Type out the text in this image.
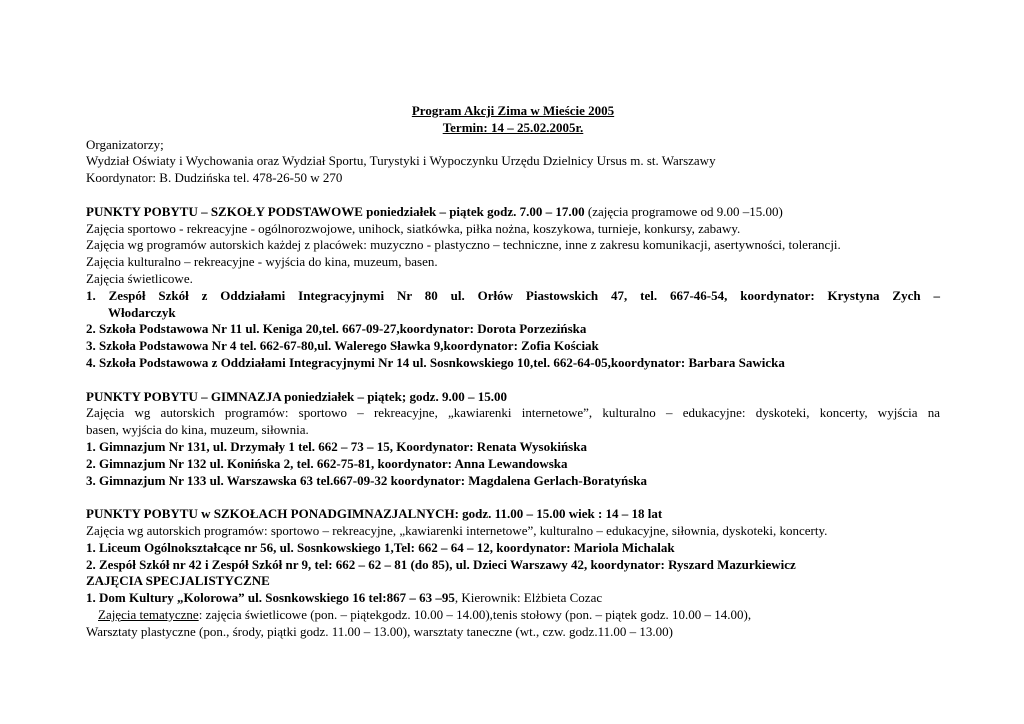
Program Akcji Zima w Mieście 2005
Termin: 14 – 25.02.2005r.
Organizatorzy;
Wydział Oświaty i Wychowania oraz Wydział Sportu, Turystyki i Wypoczynku Urzędu Dzielnicy Ursus m. st. Warszawy
Koordynator: B. Dudzińska tel. 478-26-50 w 270
PUNKTY POBYTU – SZKOŁY PODSTAWOWE poniedziałek – piątek godz. 7.00 – 17.00 (zajęcia programowe od 9.00 –15.00)
Zajęcia sportowo - rekreacyjne - ogólnorozwojowe, unihock, siatkówka, piłka nożna, koszykowa, turnieje, konkursy, zabawy.
Zajęcia wg programów autorskich każdej z placówek: muzyczno - plastyczno – techniczne, inne z zakresu komunikacji, asertywności, tolerancji.
Zajęcia kulturalno – rekreacyjne - wyjścia do kina, muzeum, basen.
Zajęcia świetlicowe.
1. Zespół Szkół z Oddziałami Integracyjnymi Nr 80 ul. Orłów Piastowskich 47, tel. 667-46-54, koordynator: Krystyna Zych –
Włodarczyk
2. Szkoła Podstawowa Nr 11 ul. Keniga 20,tel. 667-09-27,koordynator: Dorota Porzezińska
3. Szkoła Podstawowa Nr 4 tel. 662-67-80,ul. Walerego Sławka 9,koordynator: Zofia Kościak
4. Szkoła Podstawowa z Oddziałami Integracyjnymi Nr 14 ul. Sosnkowskiego 10,tel. 662-64-05,koordynator: Barbara Sawicka
PUNKTY POBYTU – GIMNAZJA poniedziałek – piątek; godz. 9.00 – 15.00
Zajęcia wg autorskich programów: sportowo – rekreacyjne, „kawiarenki internetowe”, kulturalno – edukacyjne: dyskoteki, koncerty, wyjścia na
basen, wyjścia do kina, muzeum, siłownia.
1. Gimnazjum Nr 131, ul. Drzymały 1 tel. 662 – 73 – 15, Koordynator: Renata Wysokińska
2. Gimnazjum Nr 132 ul. Konińska 2, tel. 662-75-81, koordynator: Anna Lewandowska
3. Gimnazjum Nr 133 ul. Warszawska 63 tel.667-09-32 koordynator: Magdalena Gerlach-Boratyńska
PUNKTY POBYTU w SZKOŁACH PONADGIMNAZJALNYCH: godz. 11.00 – 15.00 wiek : 14 – 18 lat
Zajęcia wg autorskich programów: sportowo – rekreacyjne, „kawiarenki internetowe”, kulturalno – edukacyjne, siłownia, dyskoteki, koncerty.
1. Liceum Ogólnokształcące nr 56, ul. Sosnkowskiego 1,Tel: 662 – 64 – 12, koordynator: Mariola Michalak
2. Zespół Szkół nr 42 i Zespół Szkół nr 9, tel: 662 – 62 – 81 (do 85), ul. Dzieci Warszawy 42, koordynator: Ryszard Mazurkiewicz
ZAJĘCIA SPECJALISTYCZNE
1. Dom Kultury „Kolorowa” ul. Sosnkowskiego 16 tel:867 – 63 –95, Kierownik: Elżbieta Cozac
Zajęcia tematyczne: zajęcia świetlicowe (pon. – piątekgodz. 10.00 – 14.00),tenis stołowy (pon. – piątek godz. 10.00 – 14.00),
Warsztaty plastyczne (pon., środy, piątki godz. 11.00 – 13.00), warsztaty taneczne (wt., czw. godz.11.00 – 13.00)
